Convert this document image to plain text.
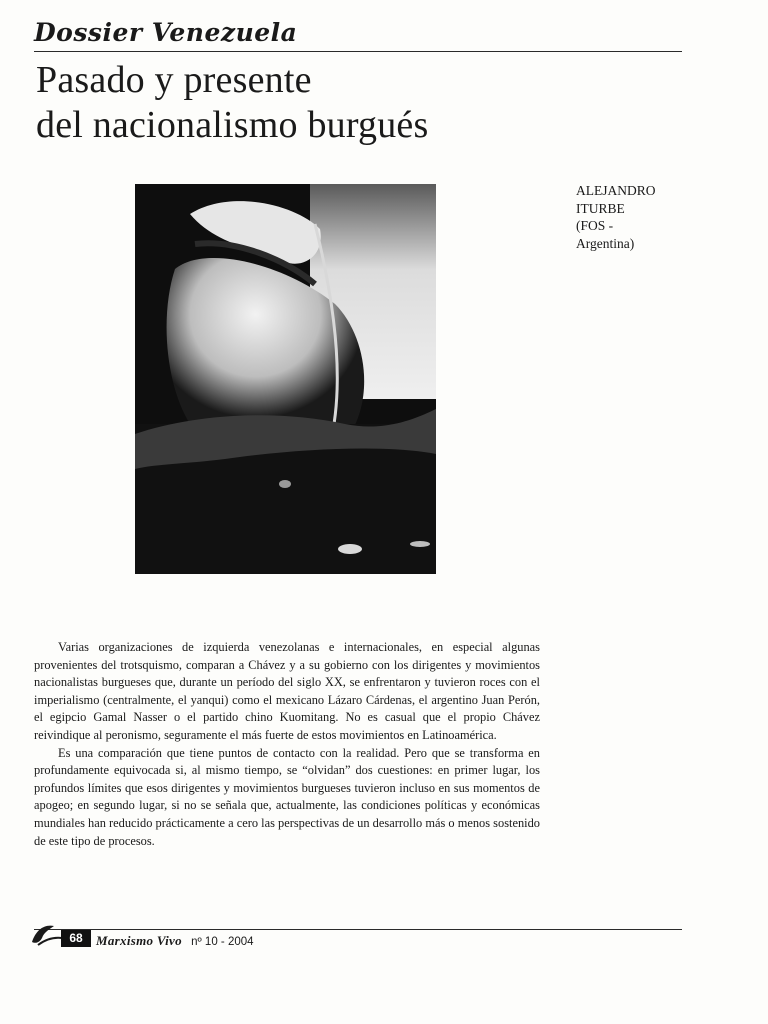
Dossier Venezuela
Pasado y presente
del nacionalismo burgués
ALEJANDRO
ITURBE
(FOS -
Argentina)

Varias organizaciones de izquierda venezolanas e internacionales, en especial algunas provenientes del trotsquismo, comparan a Chávez y a su gobierno con los dirigentes y movimientos nacionalistas burgueses que, durante un período del siglo XX, se enfrentaron y tuvieron roces con el imperialismo (centralmente, el yanqui) como el mexicano Lázaro Cárdenas, el argentino Juan Perón, el egipcio Gamal Nasser o el partido chino Kuomitang. No es casual que el propio Chávez reivindique al peronismo, seguramente el más fuerte de estos movimientos en Latinoamérica.

Es una comparación que tiene puntos de contacto con la realidad. Pero que se transforma en profundamente equivocada si, al mismo tiempo, se “olvidan” dos cuestiones: en primer lugar, los profundos límites que esos dirigentes y movimientos burgueses tuvieron incluso en sus momentos de apogeo; en segundo lugar, si no se señala que, actualmente, las condiciones políticas y económicas mundiales han reducido prácticamente a cero las perspectivas de un desarrollo más o menos sostenido de este tipo de procesos.

68	Marxismo Vivo nº 10 - 2004
